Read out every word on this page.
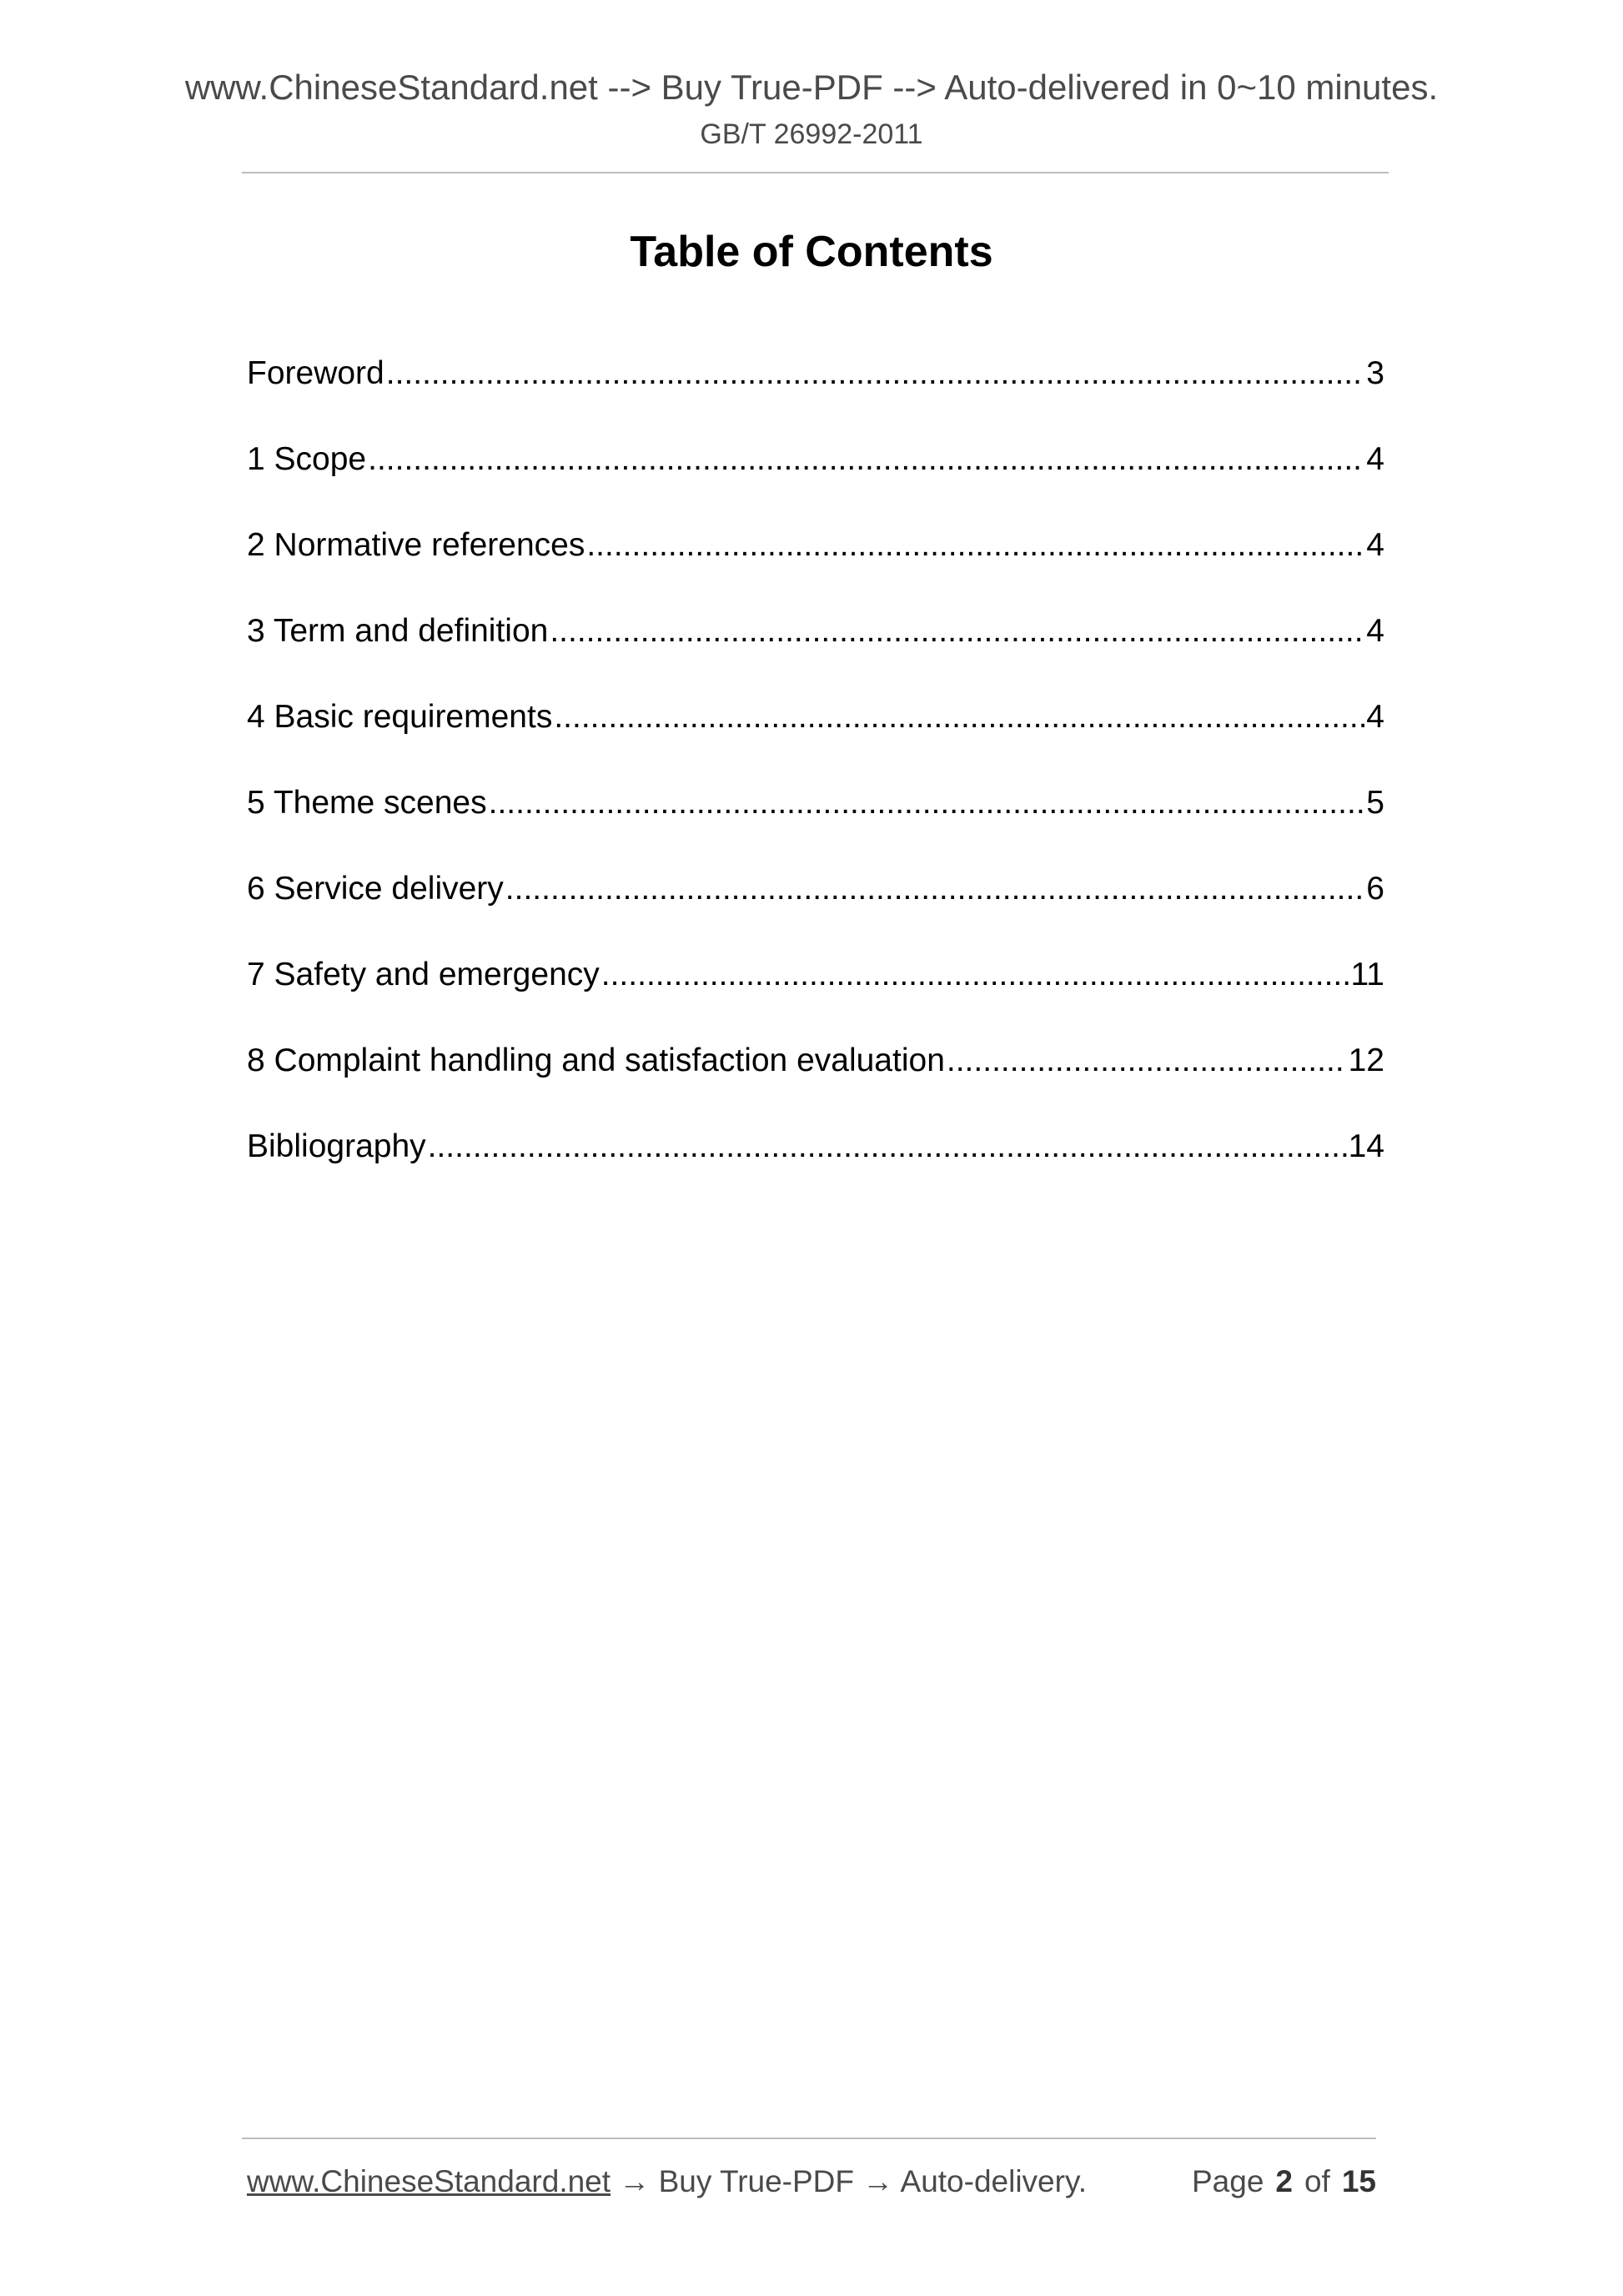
www.ChineseStandard.net --> Buy True-PDF --> Auto-delivered in 0~10 minutes.
GB/T 26992-2011
Table of Contents
Foreword .....	3
1 Scope .....	4
2 Normative references .....	4
3 Term and definition .....	4
4 Basic requirements .....	4
5 Theme scenes .....	5
6 Service delivery .....	6
7 Safety and emergency .....	11
8 Complaint handling and satisfaction evaluation .....	12
Bibliography .....	14
www.ChineseStandard.net → Buy True-PDF → Auto-delivery.	Page 2 of 15
